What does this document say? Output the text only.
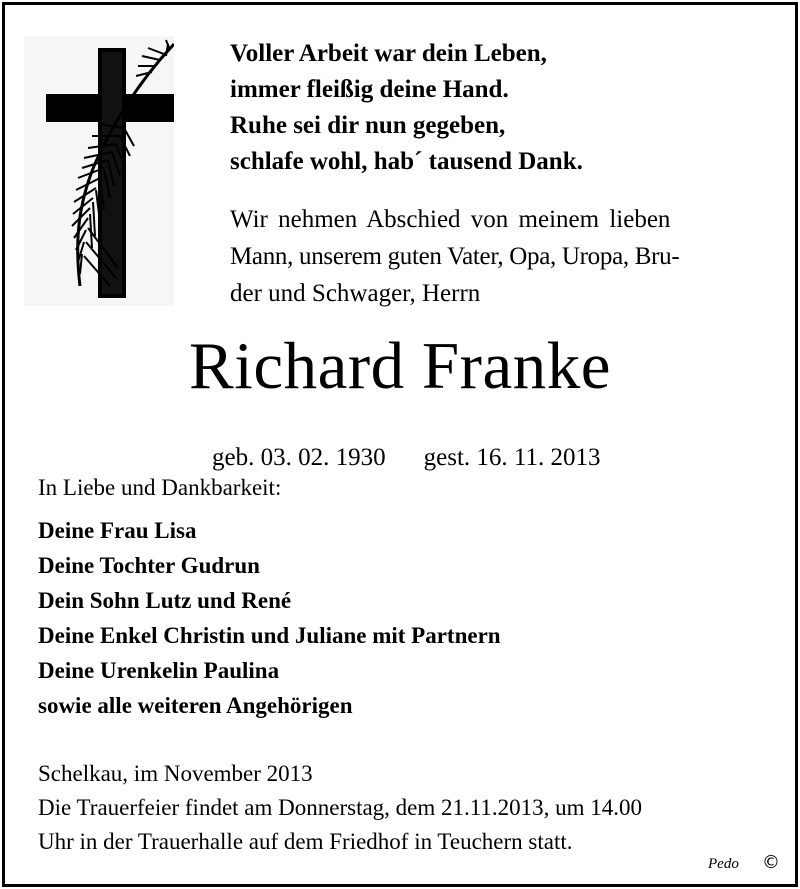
Voller Arbeit war dein Leben,
immer fleißig deine Hand.
Ruhe sei dir nun gegeben,
schlafe wohl, hab´ tausend Dank.
Wir nehmen Abschied von meinem lieben
Mann, unserem guten Vater, Opa, Uropa, Bru-
der und Schwager, Herrn
Richard Franke

geb. 03. 02. 1930 gest. 16. 11. 2013

In Liebe und Dankbarkeit:
Deine Frau Lisa
Deine Tochter Gudrun
Dein Sohn Lutz und René
Deine Enkel Christin und Juliane mit Partnern
Deine Urenkelin Paulina
sowie alle weiteren Angehörigen
Schelkau, im November 2013
Die Trauerfeier findet am Donnerstag, dem 21.11.2013, um 14.00
Uhr in der Trauerhalle auf dem Friedhof in Teuchern statt.
Pedo ©
